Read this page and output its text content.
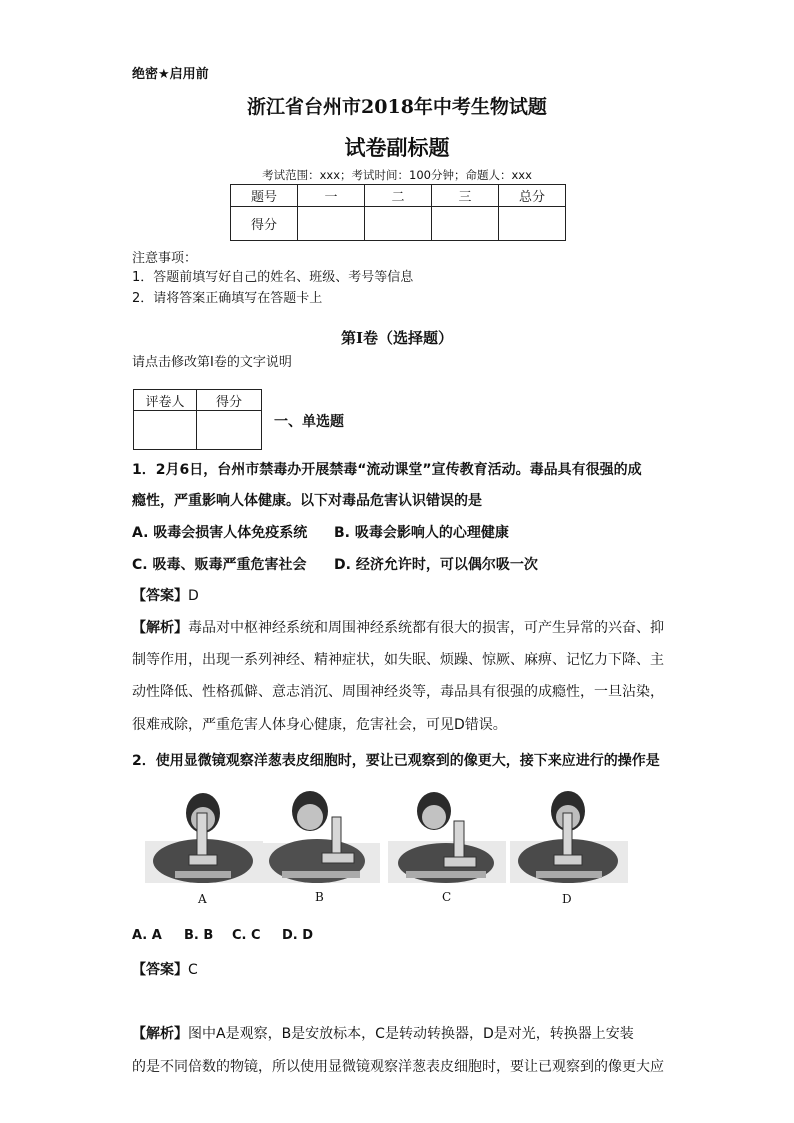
绝密★启用前
浙江省台州市2018年中考生物试题
试卷副标题
考试范围：xxx；考试时间：100分钟；命题人：xxx
题号	一	二	三	总分
得分				
注意事项：
1．答题前填写好自己的姓名、班级、考号等信息
2．请将答案正确填写在答题卡上
第I卷（选择题）
请点击修改第I卷的文字说明
评卷人	得分

一、单选题
1．2月6日，台州市禁毒办开展禁毒“流动课堂”宣传教育活动。毒品具有很强的成
瘾性，严重影响人体健康。以下对毒品危害认识错误的是
A. 吸毒会损害人体免疫系统 B. 吸毒会影响人的心理健康
C. 吸毒、贩毒严重危害社会 D. 经济允许时，可以偶尔吸一次
【答案】D
【解析】毒品对中枢神经系统和周围神经系统都有很大的损害，可产生异常的兴奋、抑
制等作用，出现一系列神经、精神症状，如失眠、烦躁、惊厥、麻痹、记忆力下降、主
动性降低、性格孤僻、意志消沉、周围神经炎等，毒品具有很强的成瘾性，一旦沾染，
很难戒除，严重危害人体身心健康，危害社会，可见D错误。
2．使用显微镜观察洋葱表皮细胞时，要让已观察到的像更大，接下来应进行的操作是
A	B	C	D
A. A B. B C. C D. D
【答案】C
【解析】图中A是观察，B是安放标本，C是转动转换器，D是对光，转换器上安装
的是不同倍数的物镜，所以使用显微镜观察洋葱表皮细胞时，要让已观察到的像更大应
